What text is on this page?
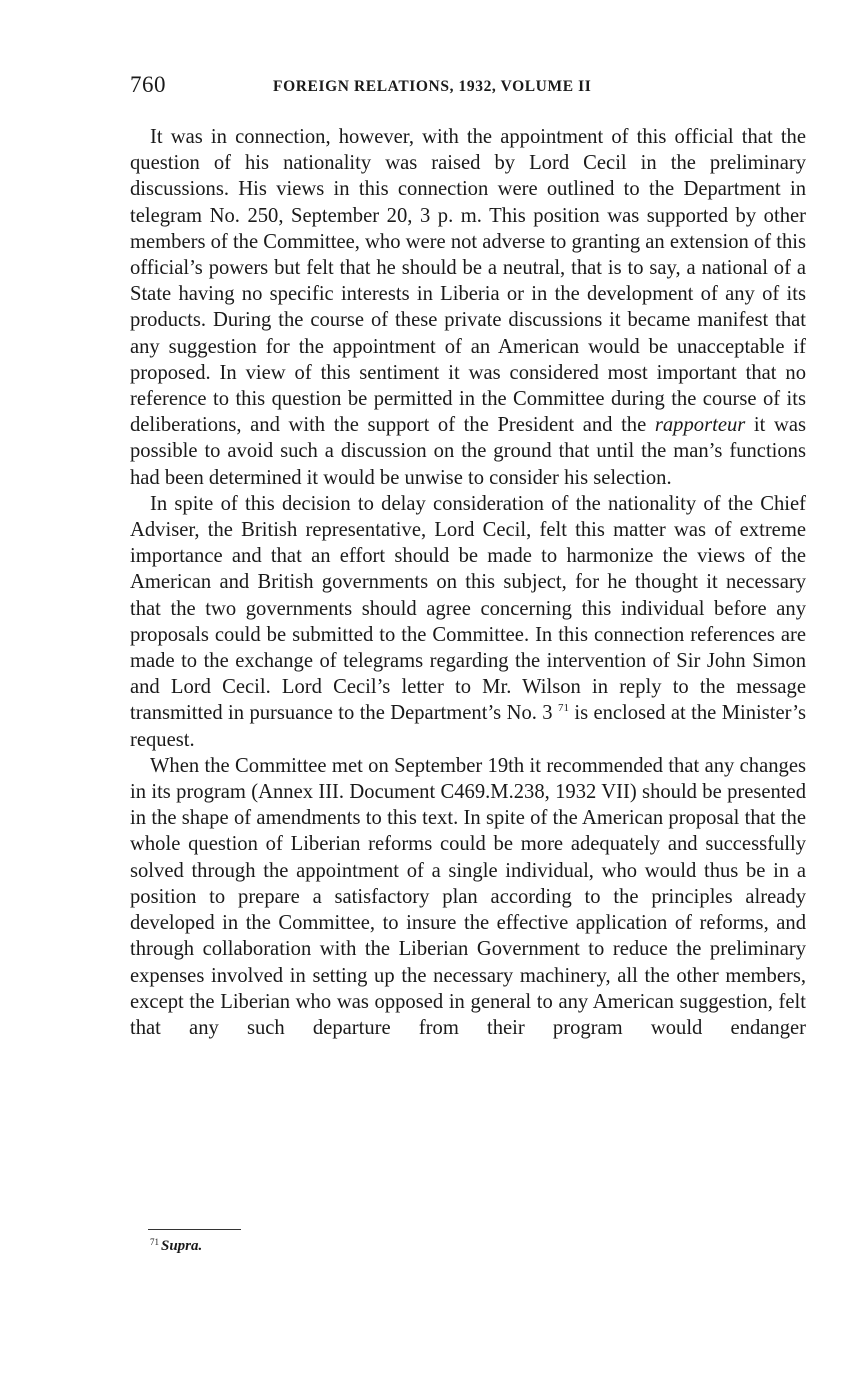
760	FOREIGN RELATIONS, 1932, VOLUME II

It was in connection, however, with the appointment of this official that the question of his nationality was raised by Lord Cecil in the preliminary discussions. His views in this connection were outlined to the Department in telegram No. 250, September 20, 3 p. m. This position was supported by other members of the Committee, who were not adverse to granting an extension of this official’s powers but felt that he should be a neutral, that is to say, a national of a State having no specific interests in Liberia or in the development of any of its products. During the course of these private discussions it became manifest that any suggestion for the appointment of an American would be unacceptable if proposed. In view of this sentiment it was considered most important that no reference to this question be permitted in the Committee during the course of its deliberations, and with the support of the President and the rapporteur it was possible to avoid such a discussion on the ground that until the man’s functions had been determined it would be unwise to consider his selection.

In spite of this decision to delay consideration of the nationality of the Chief Adviser, the British representative, Lord Cecil, felt this matter was of extreme importance and that an effort should be made to harmonize the views of the American and British governments on this subject, for he thought it necessary that the two governments should agree concerning this individual before any proposals could be submitted to the Committee. In this connection references are made to the exchange of telegrams regarding the intervention of Sir John Simon and Lord Cecil. Lord Cecil’s letter to Mr. Wilson in reply to the message transmitted in pursuance to the Department’s No. 3 $^{71}$ is enclosed at the Minister’s request.

When the Committee met on September 19th it recommended that any changes in its program (Annex III. Document C469.M.238, 1932 VII) should be presented in the shape of amendments to this text. In spite of the American proposal that the whole question of Liberian reforms could be more adequately and successfully solved through the appointment of a single individual, who would thus be in a position to prepare a satisfactory plan according to the principles already developed in the Committee, to insure the effective application of reforms, and through collaboration with the Liberian Government to reduce the preliminary expenses involved in setting up the necessary machinery, all the other members, except the Liberian who was opposed in general to any American suggestion, felt that any such departure from their program would endanger

$^{71}$ Supra.
